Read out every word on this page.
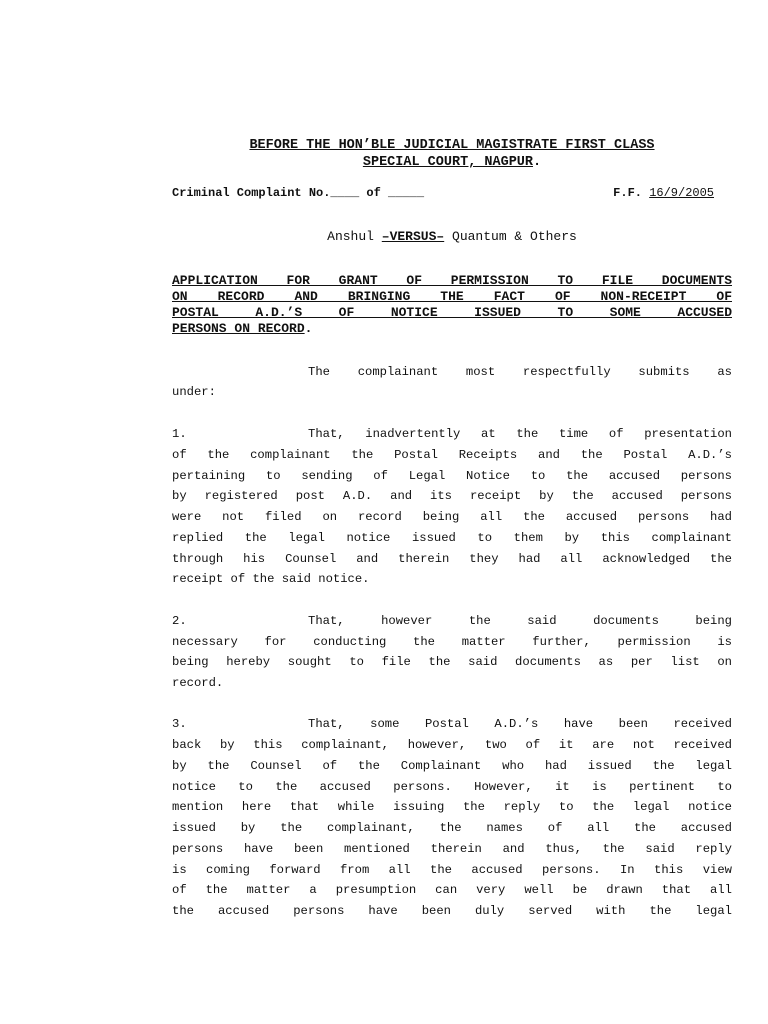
BEFORE THE HON’BLE JUDICIAL MAGISTRATE FIRST CLASS
SPECIAL COURT, NAGPUR.
Criminal Complaint No.____ of _____	F.F. 16/9/2005
Anshul –VERSUS– Quantum & Others
APPLICATION FOR GRANT OF PERMISSION TO FILE DOCUMENTS
ON RECORD AND BRINGING THE FACT OF NON-RECEIPT OF
POSTAL A.D.’S OF NOTICE ISSUED TO SOME ACCUSED
PERSONS ON RECORD.
The complainant most respectfully submits as
under:
1.	That, inadvertently at the time of presentation
of the complainant the Postal Receipts and the Postal A.D.’s
pertaining to sending of Legal Notice to the accused persons
by registered post A.D. and its receipt by the accused persons
were not filed on record being all the accused persons had
replied the legal notice issued to them by this complainant
through his Counsel and therein they had all acknowledged the
receipt of the said notice.
2.	That, however the said documents being
necessary for conducting the matter further, permission is
being hereby sought to file the said documents as per list on
record.
3.	That, some Postal A.D.’s have been received
back by this complainant, however, two of it are not received
by the Counsel of the Complainant who had issued the legal
notice to the accused persons. However, it is pertinent to
mention here that while issuing the reply to the legal notice
issued by the complainant, the names of all the accused
persons have been mentioned therein and thus, the said reply
is coming forward from all the accused persons. In this view
of the matter a presumption can very well be drawn that all
the accused persons have been duly served with the legal
